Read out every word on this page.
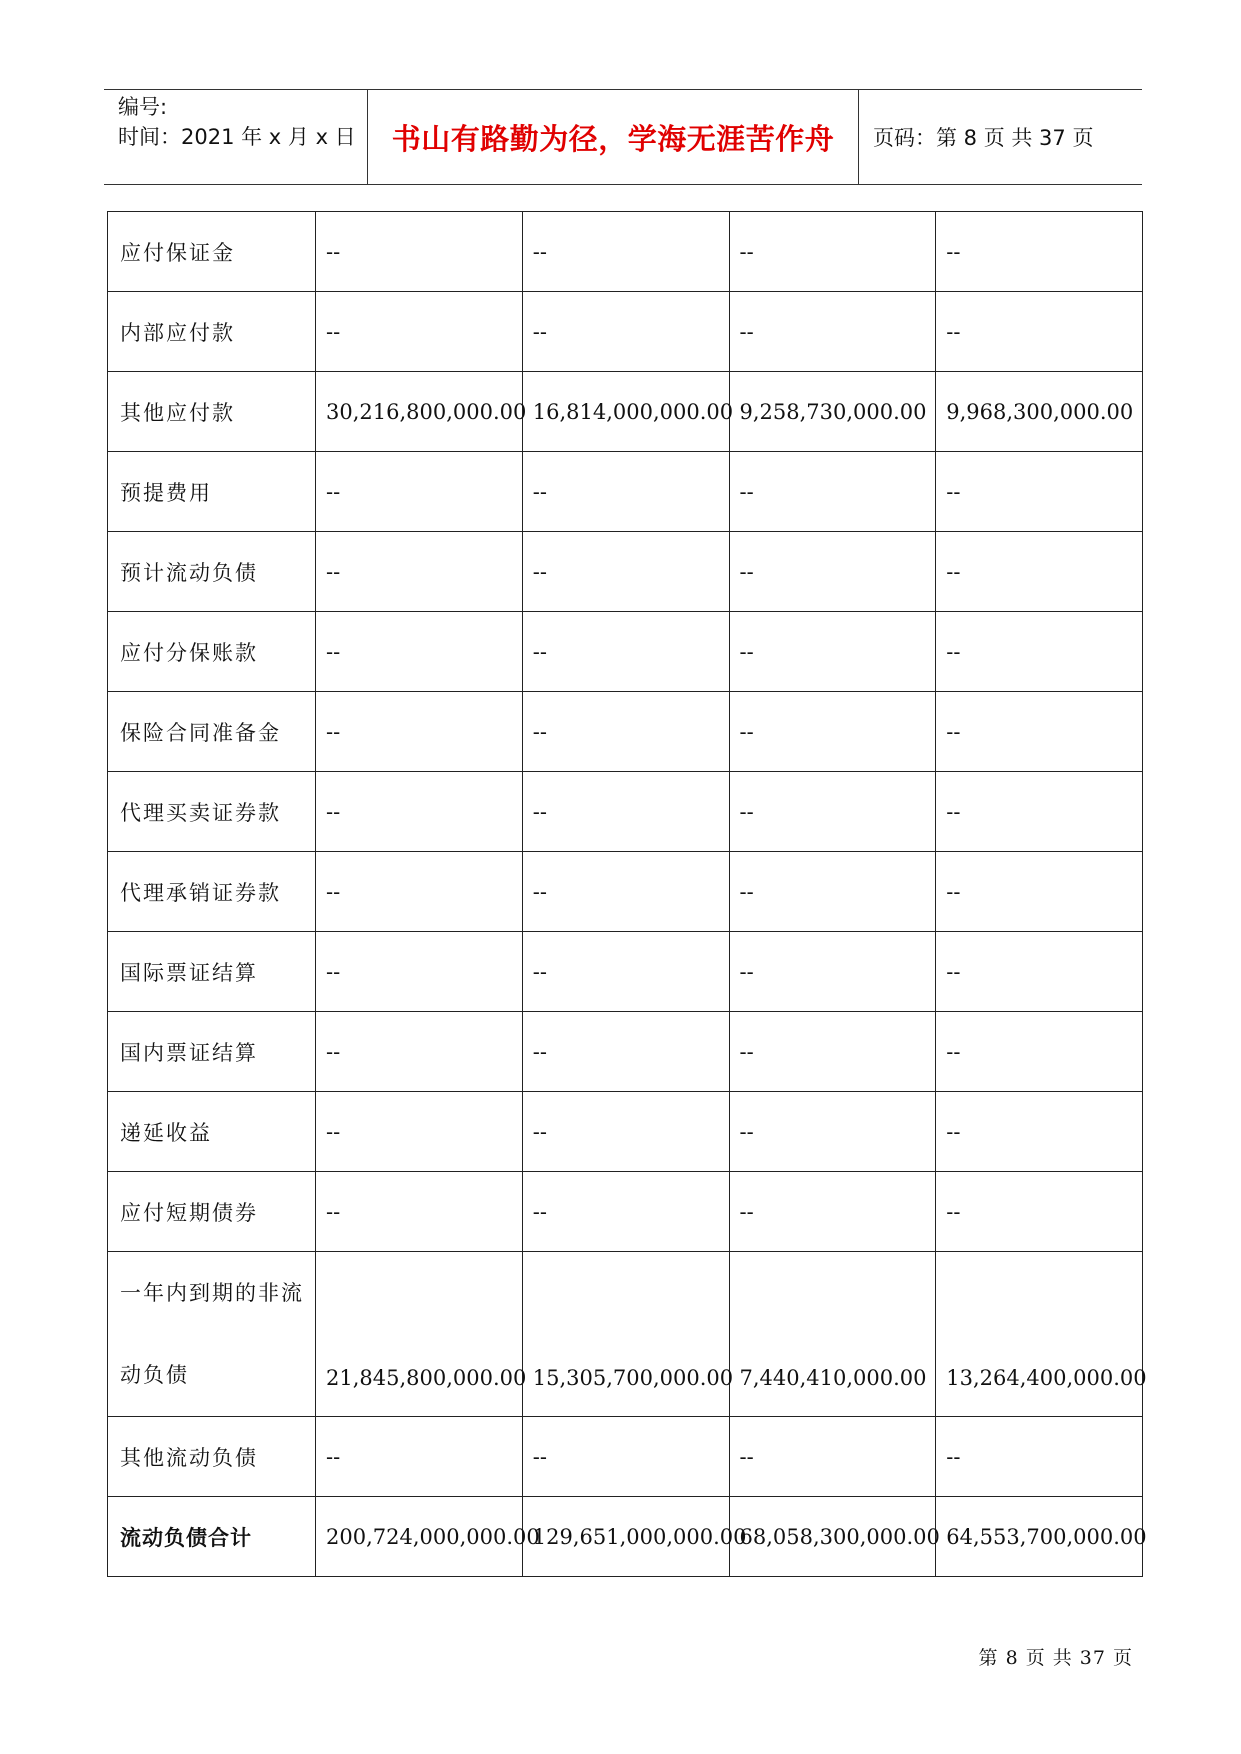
编号:
时间：2021 年 x 月 x 日	书山有路勤为径，学海无涯苦作舟	页码：第 8 页 共 37 页
应付保证金	--	--	--	--
内部应付款	--	--	--	--
其他应付款	30,216,800,000.00	16,814,000,000.00	9,258,730,000.00	9,968,300,000.00
预提费用	--	--	--	--
预计流动负债	--	--	--	--
应付分保账款	--	--	--	--
保险合同准备金	--	--	--	--
代理买卖证券款	--	--	--	--
代理承销证券款	--	--	--	--
国际票证结算	--	--	--	--
国内票证结算	--	--	--	--
递延收益	--	--	--	--
应付短期债券	--	--	--	--

一年内到期的非流
动负债	21,845,800,000.00	15,305,700,000.00	7,440,410,000.00	13,264,400,000.00
其他流动负债	--	--	--	--
流动负债合计	200,724,000,000.00	129,651,000,000.00	68,058,300,000.00	64,553,700,000.00
第 8 页 共 37 页
